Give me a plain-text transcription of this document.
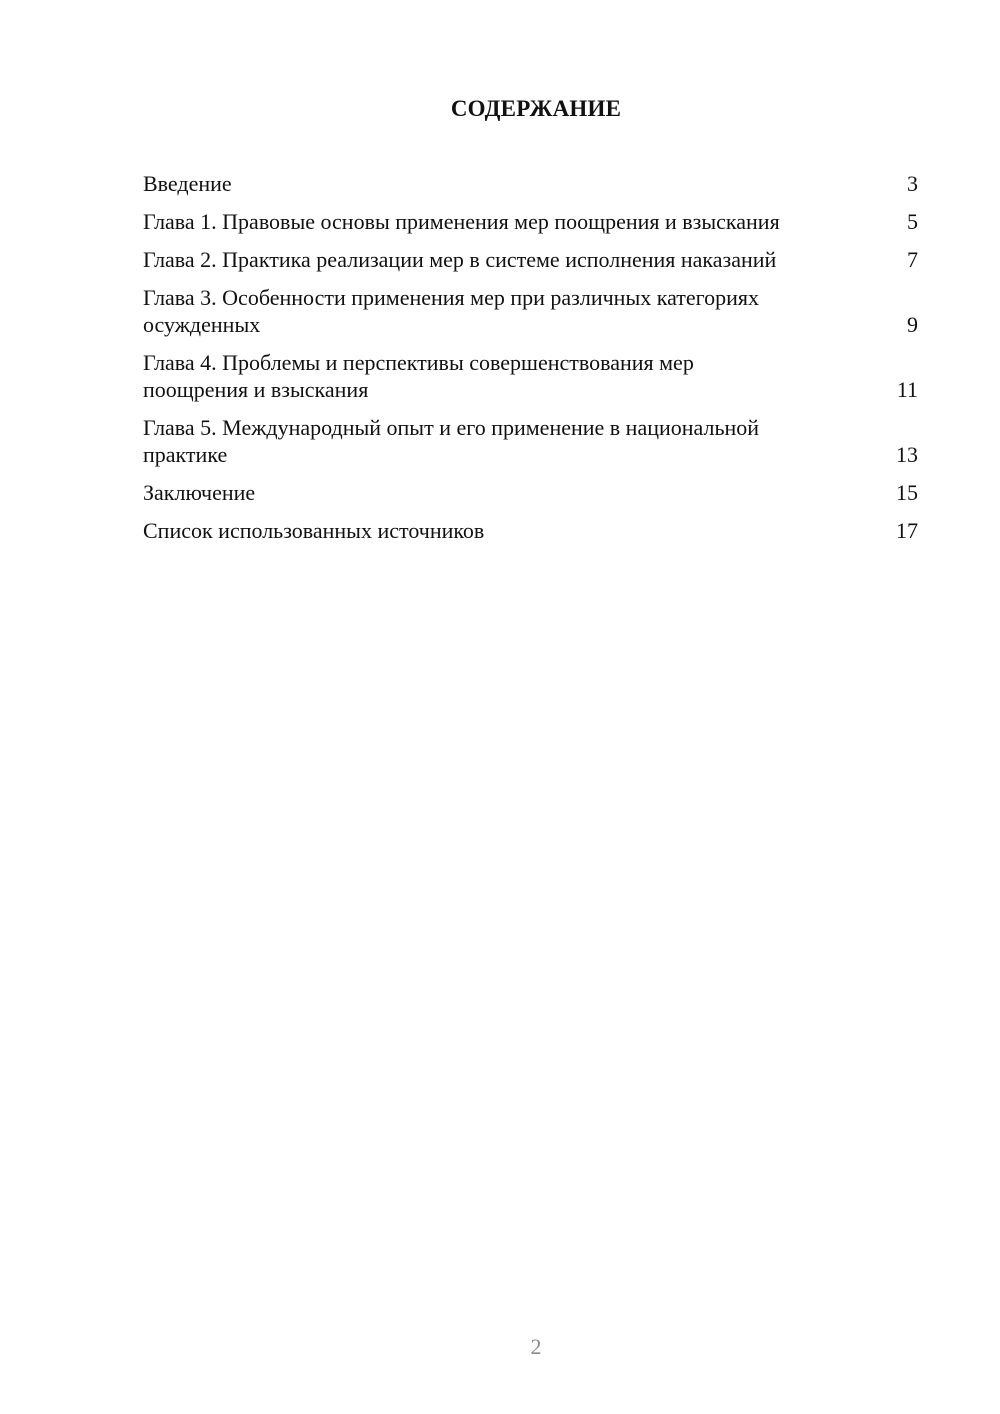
СОДЕРЖАНИЕ
Введение	3
Глава 1. Правовые основы применения мер поощрения и взыскания	5
Глава 2. Практика реализации мер в системе исполнения наказаний	7
Глава 3. Особенности применения мер при различных категориях осужденных	9
Глава 4. Проблемы и перспективы совершенствования мер поощрения и взыскания	11
Глава 5. Международный опыт и его применение в национальной практике	13
Заключение	15
Список использованных источников	17
2
